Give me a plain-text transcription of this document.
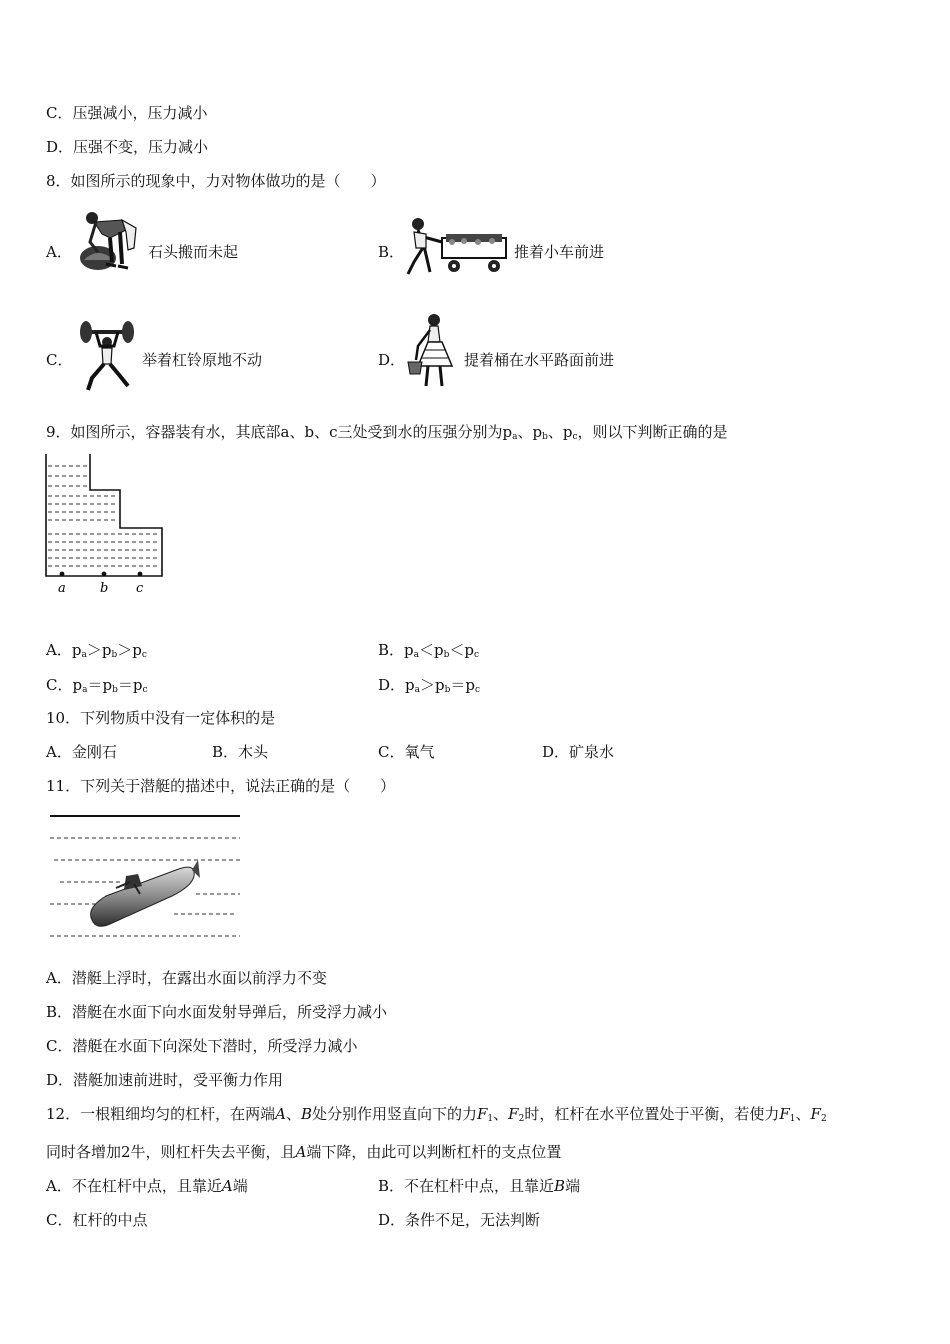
C．压强减小，压力减小
D．压强不变，压力减小
8．如图所示的现象中，力对物体做功的是（　　）
A．	石头搬而未起	B．	推着小车前进
C．	举着杠铃原地不动	D．	提着桶在水平路面前进
9．如图所示，容器装有水，其底部a、b、c三处受到水的压强分别为$p_a$、$p_b$、$p_c$，则以下判断正确的是
a	b c
A．$p_a>p_b>p_c$	B．$p_a<p_b<p_c$
C．$p_a=p_b=p_c$	D．$p_a>p_b=p_c$
10．下列物质中没有一定体积的是
A．金刚石	B．木头	C．氧气	D．矿泉水
11．下列关于潜艇的描述中，说法正确的是（　　）
A．潜艇上浮时，在露出水面以前浮力不变
B．潜艇在水面下向水面发射导弹后，所受浮力减小
C．潜艇在水面下向深处下潜时，所受浮力减小
D．潜艇加速前进时，受平衡力作用
12．一根粗细均匀的杠杆，在两端A、B处分别作用竖直向下的力$F_1$、$F_2$时，杠杆在水平位置处于平衡，若使力$F_1$、$F_2$
同时各增加2牛，则杠杆失去平衡，且A端下降，由此可以判断杠杆的支点位置
A．不在杠杆中点，且靠近A端	B．不在杠杆中点，且靠近B端
C．杠杆的中点	D．条件不足，无法判断
